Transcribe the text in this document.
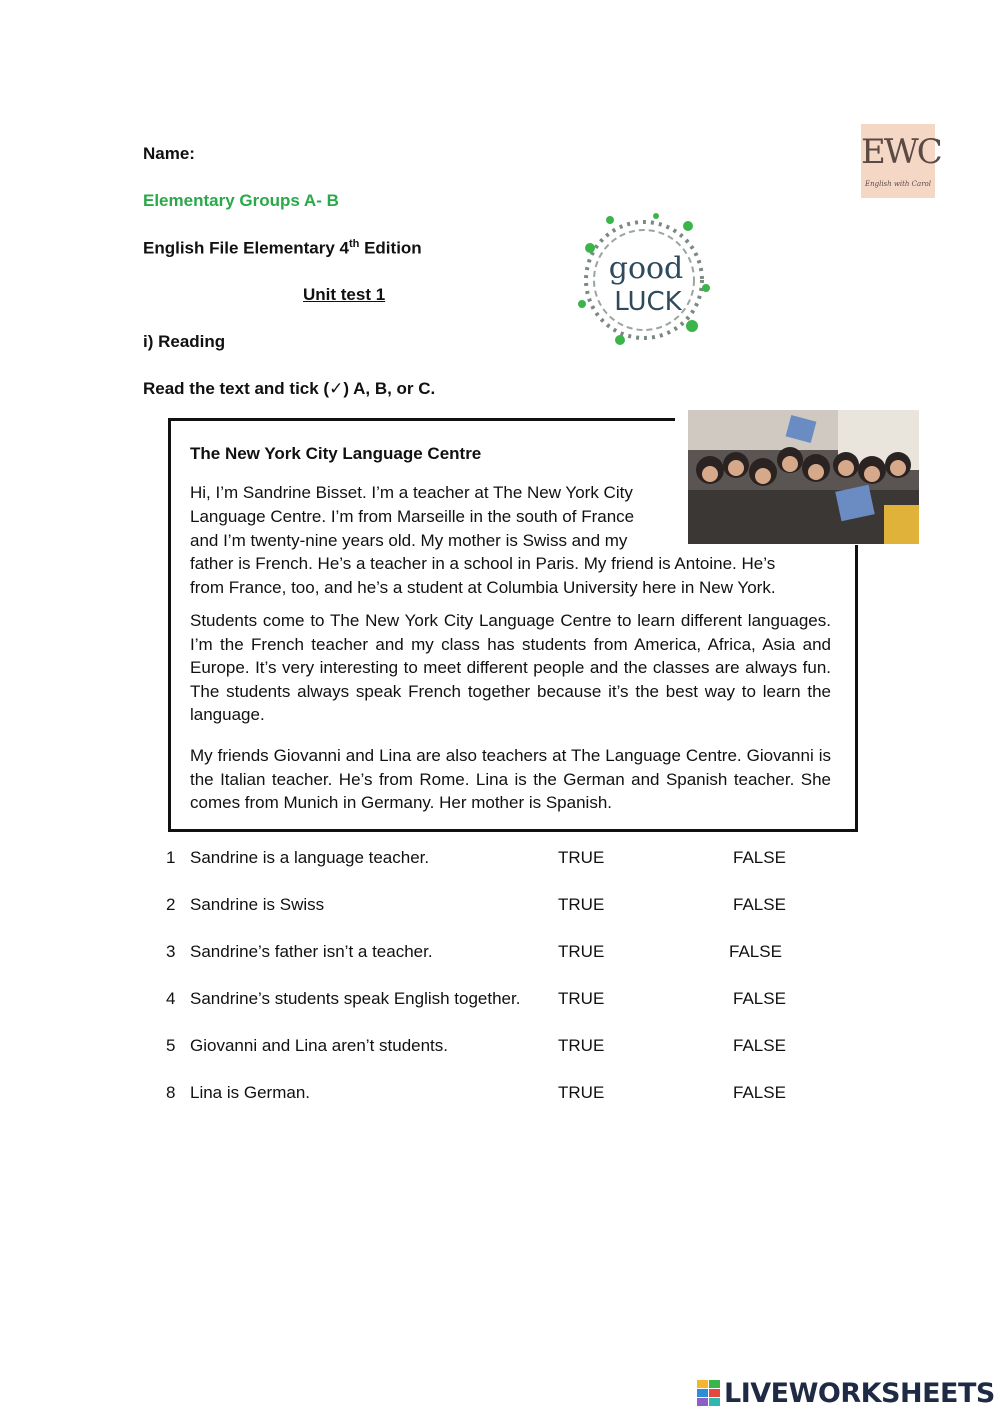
Name:
Elementary Groups A- B
English File Elementary 4th Edition
Unit test 1
i) Reading
Read the text and tick (✓) A, B, or C.
EWC
English with Carol
good
LUCK
The New York City Language Centre
Hi, I’m Sandrine Bisset. I’m a teacher at The New York City
Language Centre. I’m from Marseille in the south of France
and I’m twenty-nine years old. My mother is Swiss and my
father is French. He’s a teacher in a school in Paris. My friend is Antoine. He’s
from France, too, and he’s a student at Columbia University here in New York.
Students come to The New York City Language Centre to learn different languages. I’m the French teacher and my class has students from America, Africa, Asia and Europe. It’s very interesting to meet different people and the classes are always fun. The students always speak French together because it’s the best way to learn the language.
My friends Giovanni and Lina are also teachers at The Language Centre. Giovanni is the Italian teacher. He’s from Rome. Lina is the German and Spanish teacher. She comes from Munich in Germany. Her mother is Spanish.
1 Sandrine is a language teacher.	TRUE	FALSE
2 Sandrine is Swiss	TRUE	FALSE
3 Sandrine’s father isn’t a teacher.	TRUE	FALSE
4 Sandrine’s students speak English together. TRUE	FALSE
5 Giovanni and Lina aren’t students.	TRUE	FALSE
8 Lina is German.	TRUE	FALSE
LIVEWORKSHEETS
